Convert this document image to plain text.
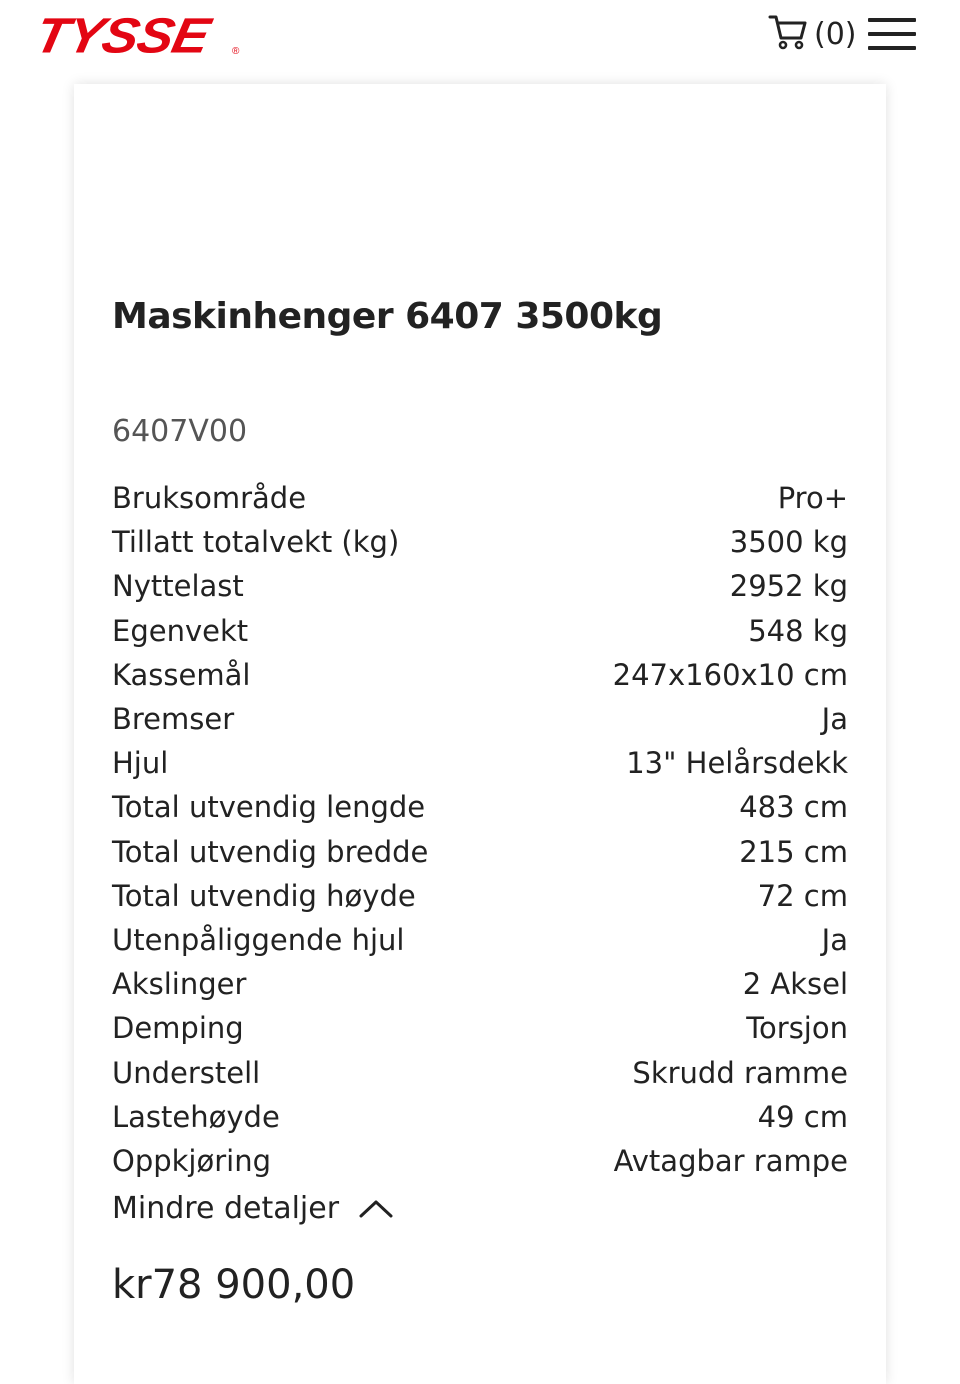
TYSSE ®	(0)
Maskinhenger 6407 3500kg
6407V00
Bruksområde	Pro+
Tillatt totalvekt (kg)	3500 kg
Nyttelast	2952 kg
Egenvekt	548 kg
Kassemål	247x160x10 cm
Bremser	Ja
Hjul	13" Helårsdekk
Total utvendig lengde	483 cm
Total utvendig bredde	215 cm
Total utvendig høyde	72 cm
Utenpåliggende hjul	Ja
Akslinger	2 Aksel
Demping	Torsjon
Understell	Skrudd ramme
Lastehøyde	49 cm
Oppkjøring	Avtagbar rampe
Mindre detaljer
kr78 900,00
